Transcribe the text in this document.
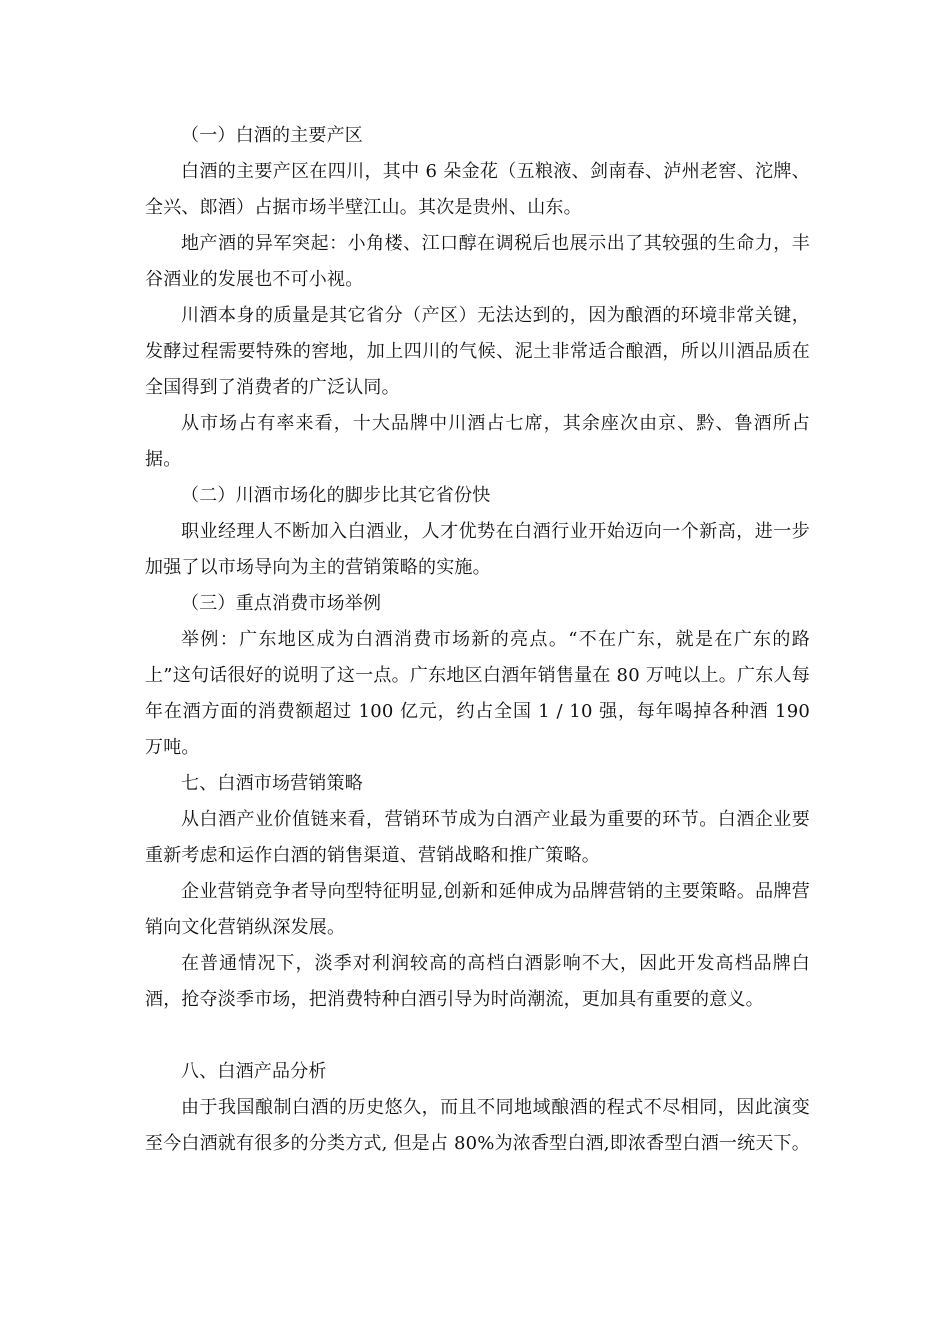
（一）白酒的主要产区

白酒的主要产区在四川，其中 6 朵金花（五粮液、剑南春、泸州老窖、沱牌、全兴、郎酒）占据市场半壁江山。其次是贵州、山东。

地产酒的异军突起：小角楼、江口醇在调税后也展示出了其较强的生命力，丰谷酒业的发展也不可小视。

川酒本身的质量是其它省分（产区）无法达到的，因为酿酒的环境非常关键，发酵过程需要特殊的窖地，加上四川的气候、泥土非常适合酿酒，所以川酒品质在全国得到了消费者的广泛认同。

从市场占有率来看，十大品牌中川酒占七席，其余座次由京、黔、鲁酒所占据。

（二）川酒市场化的脚步比其它省份快

职业经理人不断加入白酒业，人才优势在白酒行业开始迈向一个新高，进一步加强了以市场导向为主的营销策略的实施。

（三）重点消费市场举例

举例：广东地区成为白酒消费市场新的亮点。“不在广东，就是在广东的路上”这句话很好的说明了这一点。广东地区白酒年销售量在 80 万吨以上。广东人每年在酒方面的消费额超过 100 亿元，约占全国 1 / 10 强，每年喝掉各种酒 190 万吨。

七、白酒市场营销策略

从白酒产业价值链来看，营销环节成为白酒产业最为重要的环节。白酒企业要重新考虑和运作白酒的销售渠道、营销战略和推广策略。

企业营销竞争者导向型特征明显,创新和延伸成为品牌营销的主要策略。品牌营销向文化营销纵深发展。

在普通情况下，淡季对利润较高的高档白酒影响不大，因此开发高档品牌白酒，抢夺淡季市场，把消费特种白酒引导为时尚潮流，更加具有重要的意义。

八、白酒产品分析

由于我国酿制白酒的历史悠久，而且不同地域酿酒的程式不尽相同，因此演变至今白酒就有很多的分类方式, 但是占 80%为浓香型白酒,即浓香型白酒一统天下。
